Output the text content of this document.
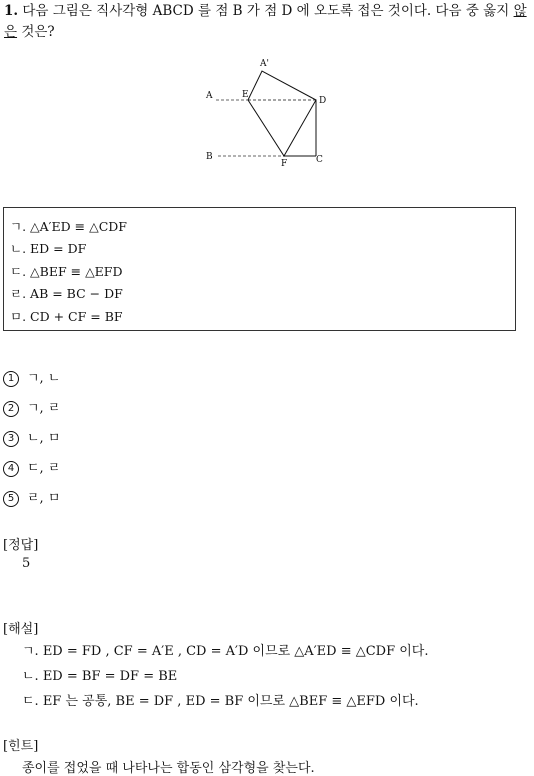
1. 다음 그림은 직사각형 ABCD 를 점 B 가 점 D 에 오도록 접은 것이다. 다음 중 옳지 않은 것은?
A'
A	E
D
B
F	C
ㄱ. △A′ED ≡ △CDF
ㄴ. ED = DF
ㄷ. △BEF ≡ △EFD
ㄹ. AB = BC − DF
ㅁ. CD + CF = BF
1 ㄱ, ㄴ
2 ㄱ, ㄹ
3 ㄴ, ㅁ
4 ㄷ, ㄹ
5 ㄹ, ㅁ
[정답]
5
[해설]
ㄱ. ED = FD , CF = A′E , CD = A′D 이므로 △A′ED ≡ △CDF 이다.
ㄴ. ED = BF = DF = BE
ㄷ. EF 는 공통, BE = DF , ED = BF 이므로 △BEF ≡ △EFD 이다.
[힌트]
종이를 접었을 때 나타나는 합동인 삼각형을 찾는다.
